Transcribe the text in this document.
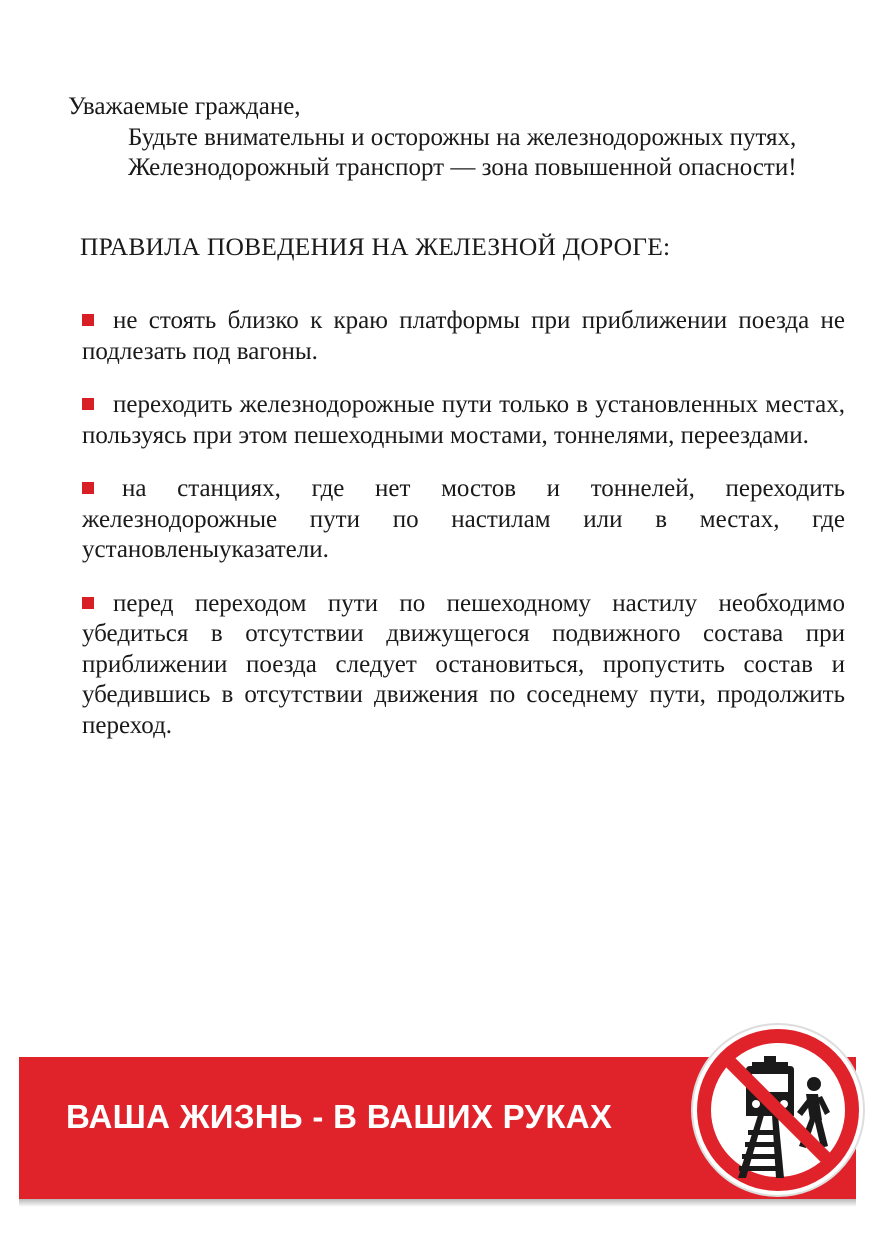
Уважаемые граждане,

Будьте внимательны и осторожны на железнодорожных путях,

Железнодорожный транспорт — зона повышенной опасности!

ПРАВИЛА ПОВЕДЕНИЯ НА ЖЕЛЕЗНОЙ ДОРОГЕ:

не стоять близко к краю платформы при приближении поезда не подлезать под вагоны.

переходить железнодорожные пути только в установленных местах, пользуясь при этом пешеходными мостами, тоннелями, переездами.

на станциях, где нет мостов и тоннелей, переходить железнодорожные пути по настилам или в местах, где установленыуказатели.

перед переходом пути по пешеходному настилу необходимо убедиться в отсутствии движущегося подвижного состава при приближении поезда следует остановиться, пропустить состав и убедившись в отсутствии движения по соседнему пути, продолжить переход.

ВАША ЖИЗНЬ - В ВАШИХ РУКАХ
